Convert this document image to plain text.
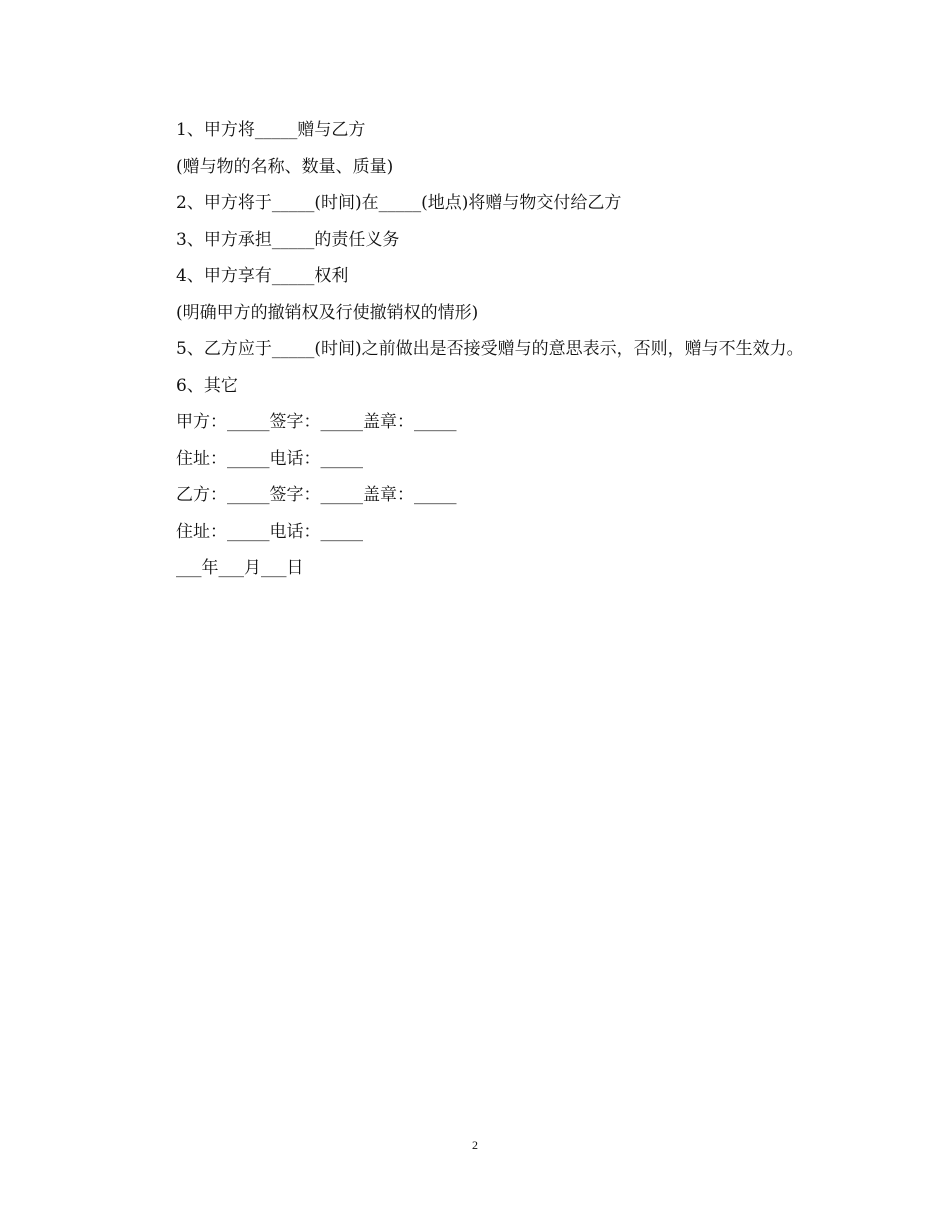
1、甲方将_____赠与乙方

(赠与物的名称、数量、质量)

2、甲方将于_____(时间)在_____(地点)将赠与物交付给乙方

3、甲方承担_____的责任义务

4、甲方享有_____权利

(明确甲方的撤销权及行使撤销权的情形)

5、乙方应于_____(时间)之前做出是否接受赠与的意思表示，否则，赠与不生效力。

6、其它

甲方：_____签字：_____盖章：_____

住址：_____电话：_____

乙方：_____签字：_____盖章：_____

住址：_____电话：_____

___年___月___日

2
